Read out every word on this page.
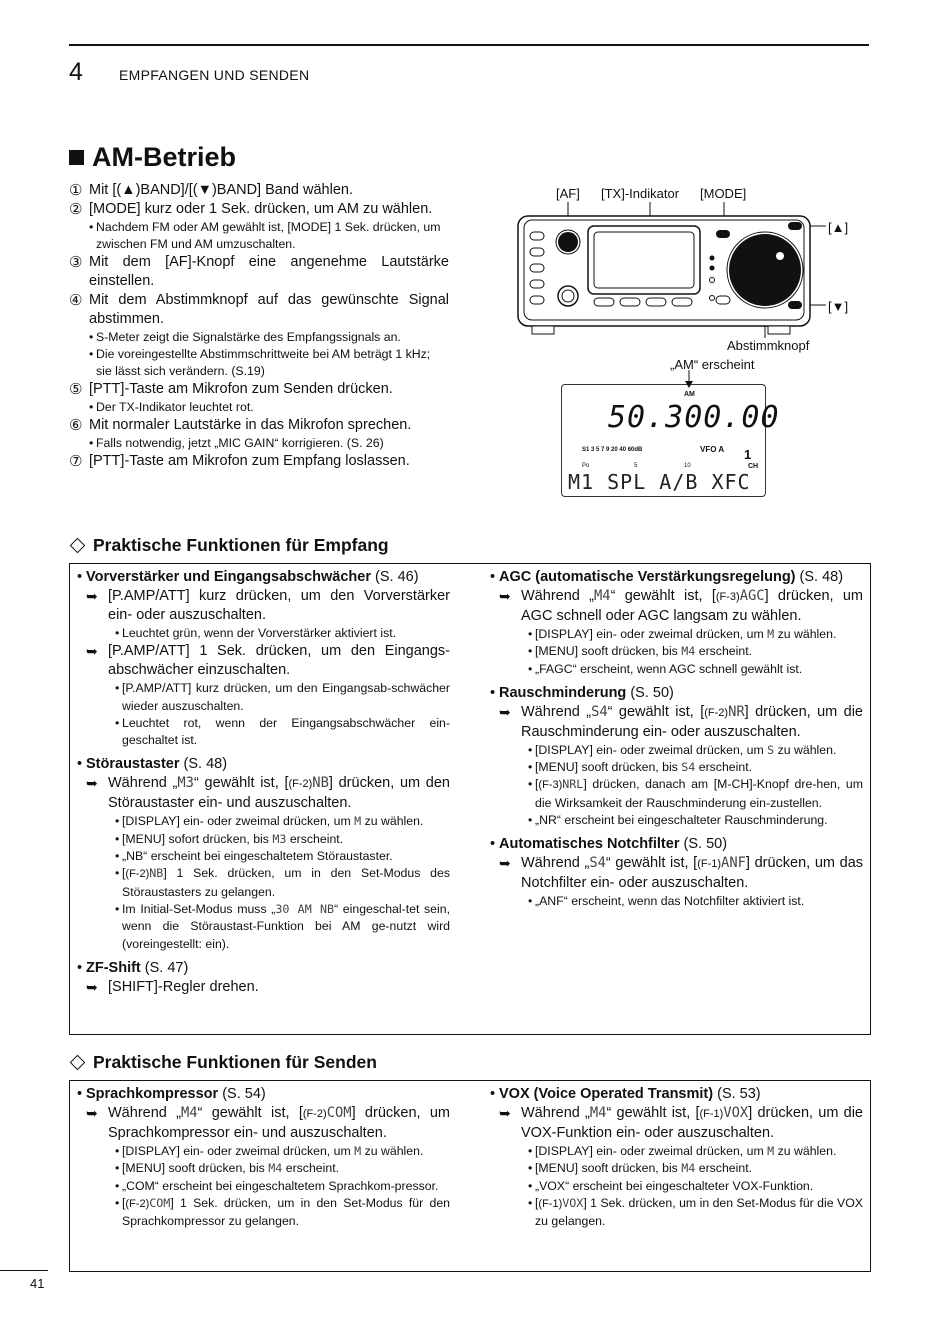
4	EMPFANGEN UND SENDEN
AM-Betrieb
① Mit [(▲)BAND]/[(▼)BAND] Band wählen.
② [MODE] kurz oder 1 Sek. drücken, um AM zu wählen.
• Nachdem FM oder AM gewählt ist, [MODE] 1 Sek. drücken, um zwischen FM und AM umzuschalten.
③ Mit dem [AF]-Knopf eine angenehme Lautstärke einstellen.
④ Mit dem Abstimmknopf auf das gewünschte Signal abstimmen.
• S-Meter zeigt die Signalstärke des Empfangssignals an.
• Die voreingestellte Abstimmschrittweite bei AM beträgt 1 kHz; sie lässt sich verändern. (S.19)
⑤ [PTT]-Taste am Mikrofon zum Senden drücken.
• Der TX-Indikator leuchtet rot.
⑥ Mit normaler Lautstärke in das Mikrofon sprechen.
• Falls notwendig, jetzt „MIC GAIN“ korrigieren. (S. 26)
⑦ [PTT]-Taste am Mikrofon zum Empfang loslassen.
[AF] [TX]-Indikator [MODE]
[▲]
[▼]
Abstimmknopf
„AM“ erscheint
AM
50.300.00
S1 3 5 7 9 20 40 60dB	VFO A 1
CH
Po	5	10
M1 SPL A/B XFC
Praktische Funktionen für Empfang
• Vorverstärker und Eingangsabschwächer (S. 46)
➥ [P.AMP/ATT] kurz drücken, um den Vorverstärker ein- oder auszuschalten.
• Leuchtet grün, wenn der Vorverstärker aktiviert ist.
➥ [P.AMP/ATT] 1 Sek. drücken, um den Eingangs-abschwächer einzuschalten.
• [P.AMP/ATT] kurz drücken, um den Eingangsab-schwächer wieder auszuschalten.
• Leuchtet rot, wenn der Eingangsabschwächer ein-geschaltet ist.
• Störaustaster (S. 48)
➥ Während „M3“ gewählt ist, [(F-2)NB] drücken, um den Störaustaster ein- und auszuschalten.
• [DISPLAY] ein- oder zweimal drücken, um M zu wählen.
• [MENU] sofort drücken, bis M3 erscheint.
• „NB“ erscheint bei eingeschaltetem Störaustaster.
• [(F-2)NB] 1 Sek. drücken, um in den Set-Modus des Störaustasters zu gelangen.
• Im Initial-Set-Modus muss „30 AM NB“ eingeschal-tet sein, wenn die Störaustast-Funktion bei AM ge-nutzt wird (voreingestellt: ein).
• ZF-Shift (S. 47)
➥ [SHIFT]-Regler drehen.
• AGC (automatische Verstärkungsregelung) (S. 48)
➥ Während „M4“ gewählt ist, [(F-3)AGC] drücken, um AGC schnell oder AGC langsam zu wählen.
• [DISPLAY] ein- oder zweimal drücken, um M zu wählen.
• [MENU] sooft drücken, bis M4 erscheint.
• „FAGC“ erscheint, wenn AGC schnell gewählt ist.
• Rauschminderung (S. 50)
➥ Während „S4“ gewählt ist, [(F-2)NR] drücken, um die Rauschminderung ein- oder auszuschalten.
• [DISPLAY] ein- oder zweimal drücken, um S zu wählen.
• [MENU] sooft drücken, bis S4 erscheint.
• [(F-3)NRL] drücken, danach am [M-CH]-Knopf dre-hen, um die Wirksamkeit der Rauschminderung ein-zustellen.
• „NR“ erscheint bei eingeschalteter Rauschminderung.
• Automatisches Notchfilter (S. 50)
➥ Während „S4“ gewählt ist, [(F-1)ANF] drücken, um das Notchfilter ein- oder auszuschalten.
• „ANF“ erscheint, wenn das Notchfilter aktiviert ist.
Praktische Funktionen für Senden
• Sprachkompressor (S. 54)
➥ Während „M4“ gewählt ist, [(F-2)COM] drücken, um Sprachkompressor ein- und auszuschalten.
• [DISPLAY] ein- oder zweimal drücken, um M zu wählen.
• [MENU] sooft drücken, bis M4 erscheint.
• „COM“ erscheint bei eingeschaltetem Sprachkom-pressor.
• [(F-2)COM] 1 Sek. drücken, um in den Set-Modus für den Sprachkompressor zu gelangen.
• VOX (Voice Operated Transmit) (S. 53)
➥ Während „M4“ gewählt ist, [(F-1)VOX] drücken, um die VOX-Funktion ein- oder auszuschalten.
• [DISPLAY] ein- oder zweimal drücken, um M zu wählen.
• [MENU] sooft drücken, bis M4 erscheint.
• „VOX“ erscheint bei eingeschalteter VOX-Funktion.
• [(F-1)VOX] 1 Sek. drücken, um in den Set-Modus für die VOX zu gelangen.
41
